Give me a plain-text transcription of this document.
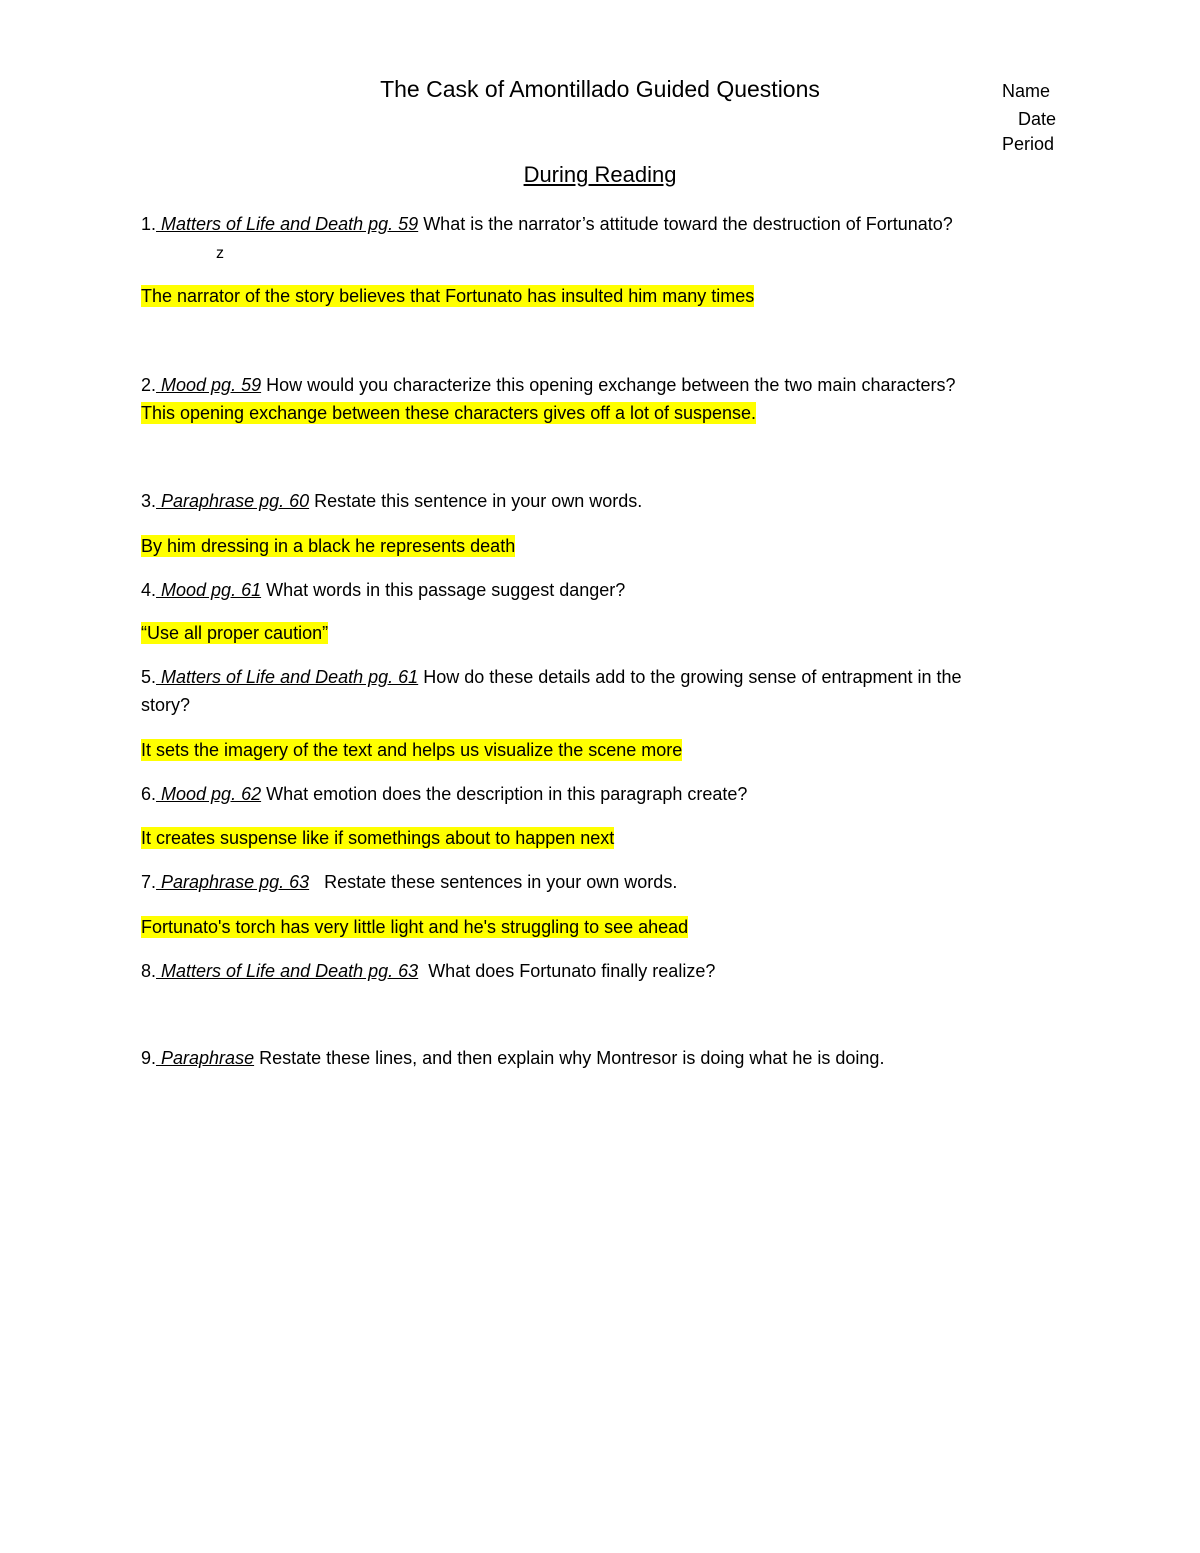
The Cask of Amontillado Guided Questions	Name
Date
Period
During Reading
1. Matters of Life and Death pg. 59 What is the narrator’s attitude toward the destruction of Fortunato?
z
The narrator of the story believes that Fortunato has insulted him many times
2. Mood pg. 59 How would you characterize this opening exchange between the two main characters?
This opening exchange between these characters gives off a lot of suspense.
3. Paraphrase pg. 60 Restate this sentence in your own words.
By him dressing in a black he represents death
4. Mood pg. 61 What words in this passage suggest danger?
“Use all proper caution”
5. Matters of Life and Death pg. 61 How do these details add to the growing sense of entrapment in the
story?
It sets the imagery of the text and helps us visualize the scene more
6. Mood pg. 62 What emotion does the description in this paragraph create?
It creates suspense like if somethings about to happen next
7. Paraphrase pg. 63   Restate these sentences in your own words.
Fortunato's torch has very little light and he's struggling to see ahead
8. Matters of Life and Death pg. 63  What does Fortunato finally realize?
9. Paraphrase Restate these lines, and then explain why Montresor is doing what he is doing.
